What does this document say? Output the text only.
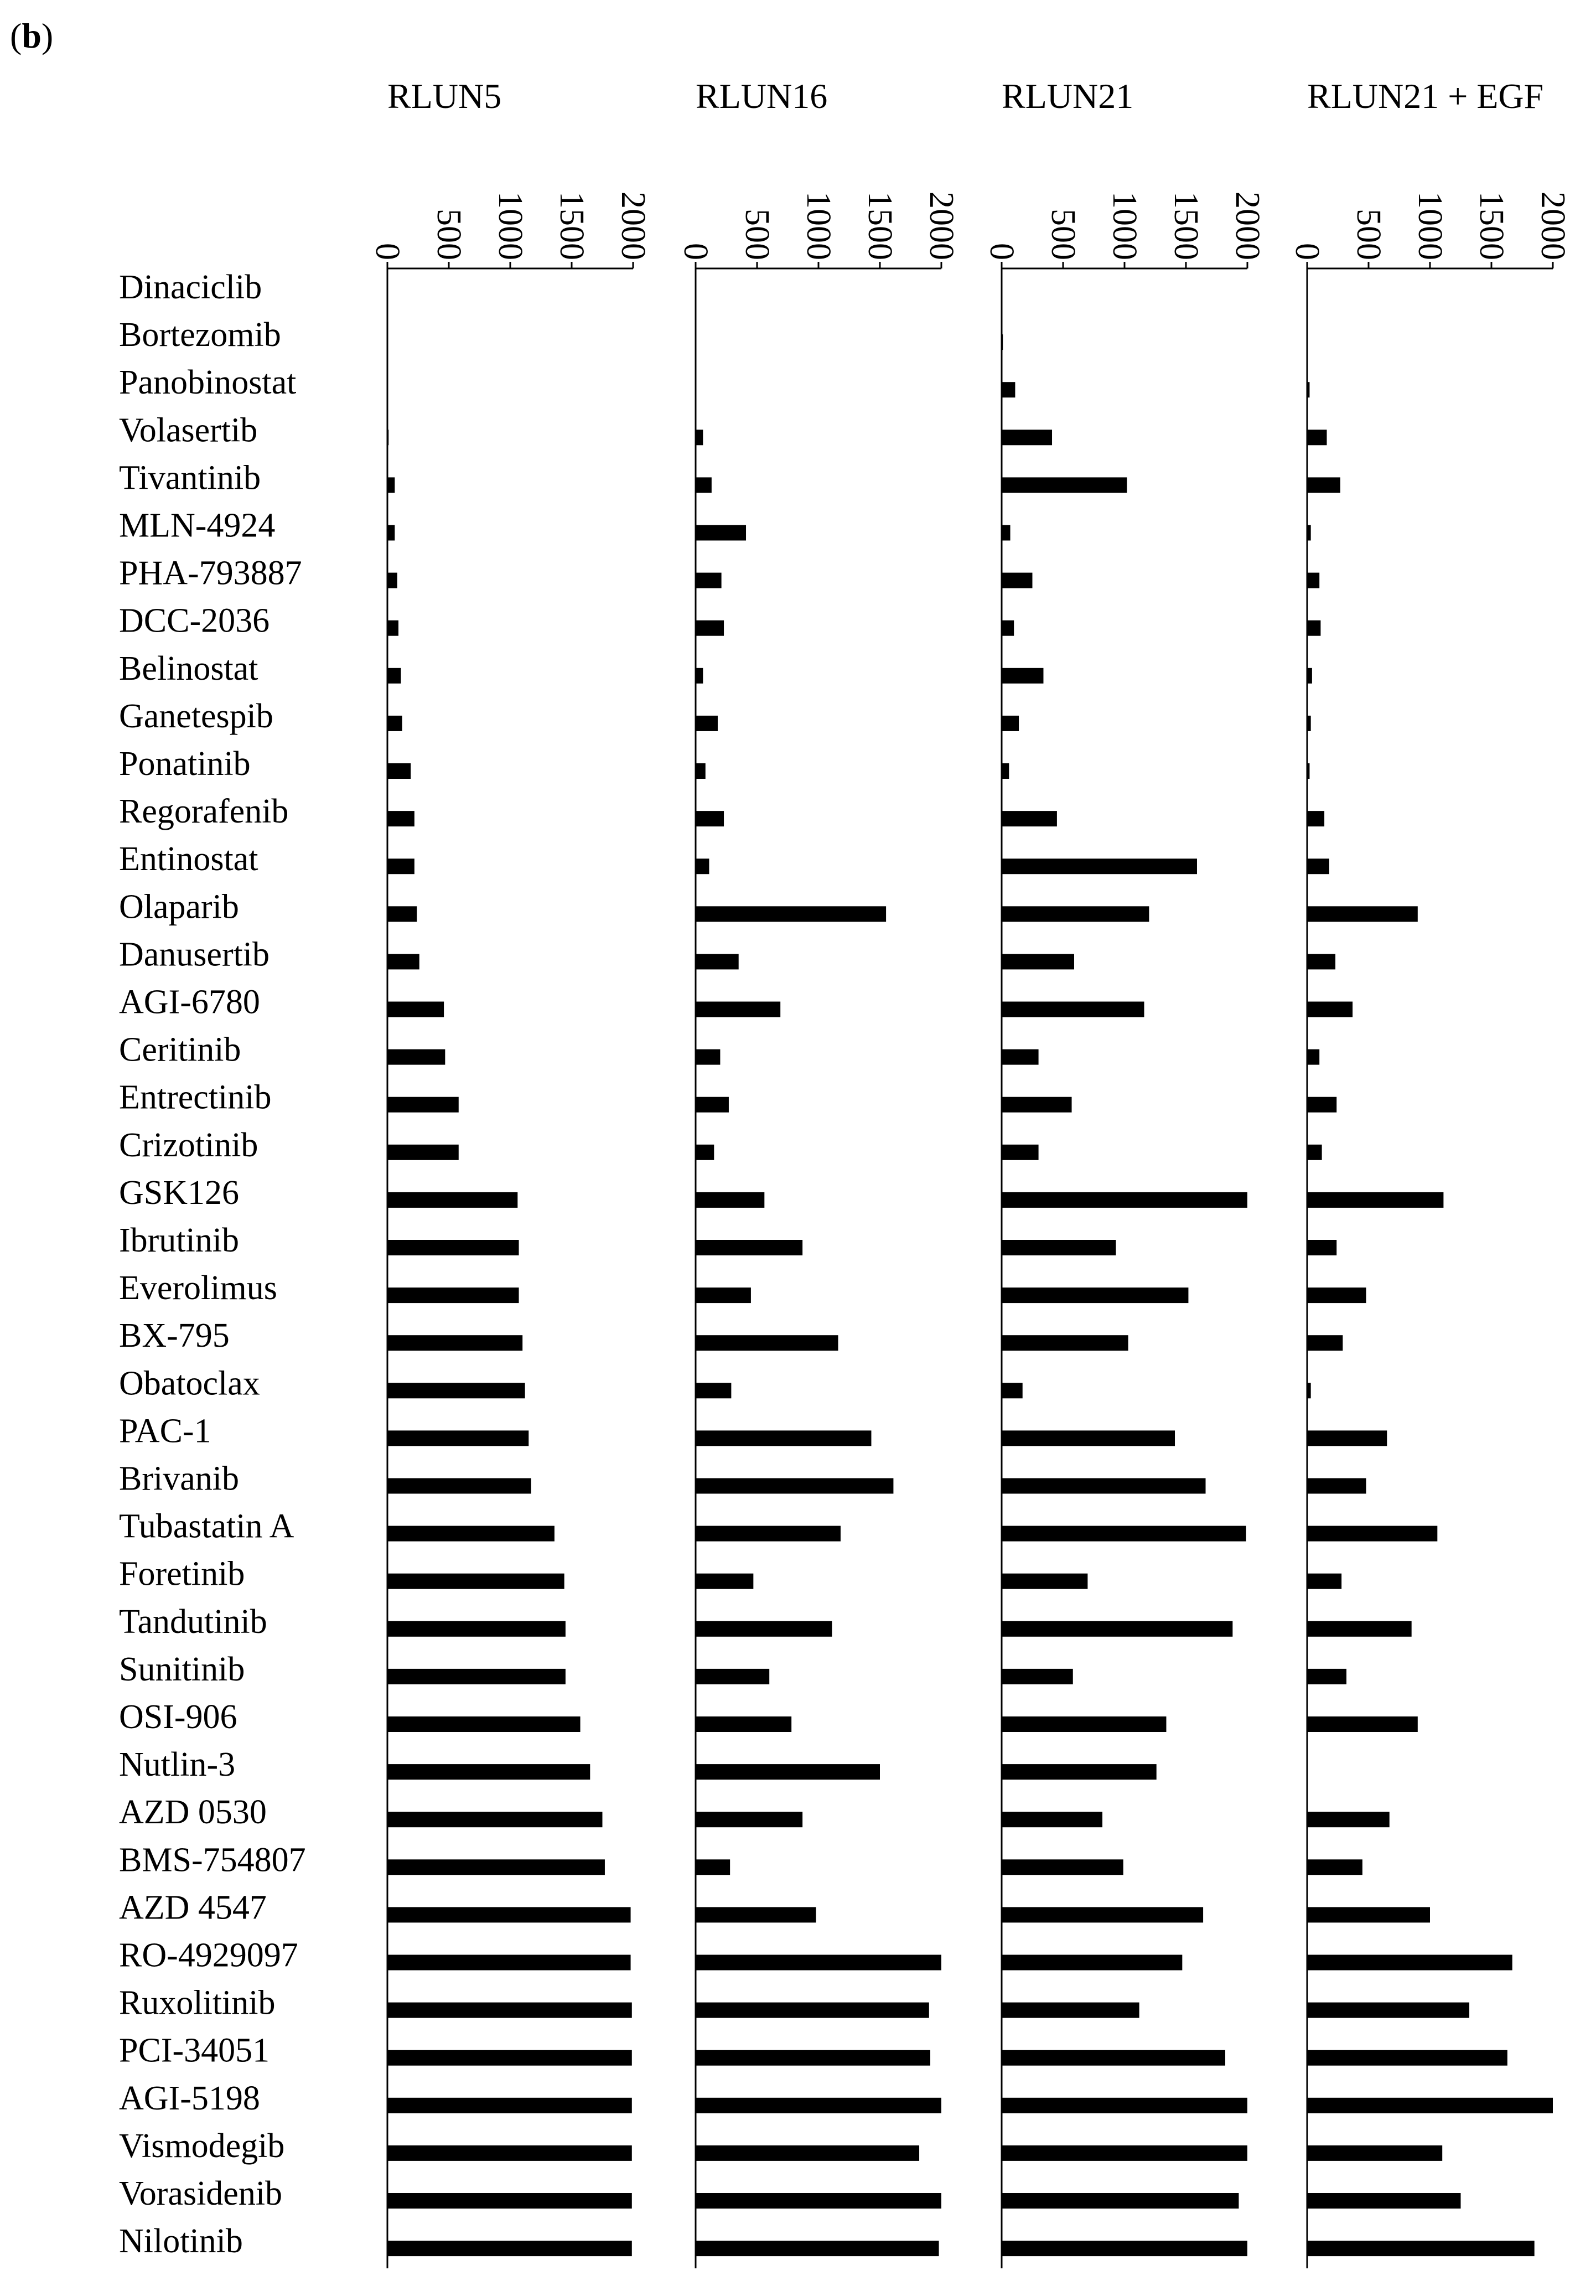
(b)
Dinaciclib
Bortezomib
Panobinostat
Volasertib
Tivantinib
MLN-4924
PHA-793887
DCC-2036
Belinostat
Ganetespib
Ponatinib
Regorafenib
Entinostat
Olaparib
Danusertib
AGI-6780
Ceritinib
Entrectinib
Crizotinib
GSK126
Ibrutinib
Everolimus
BX-795
Obatoclax
PAC-1
Brivanib
Tubastatin A
Foretinib
Tandutinib
Sunitinib
OSI-906
Nutlin-3
AZD 0530
BMS-754807
AZD 4547
RO-4929097
Ruxolitinib
PCI-34051
AGI-5198
Vismodegib
Vorasidenib
Nilotinib
RLUN5
0 500 1000 1500 2000
RLUN16
0 500 1000 1500 2000
RLUN21
0 500 1000 1500 2000
RLUN21 + EGF
0 500 1000 1500 2000
